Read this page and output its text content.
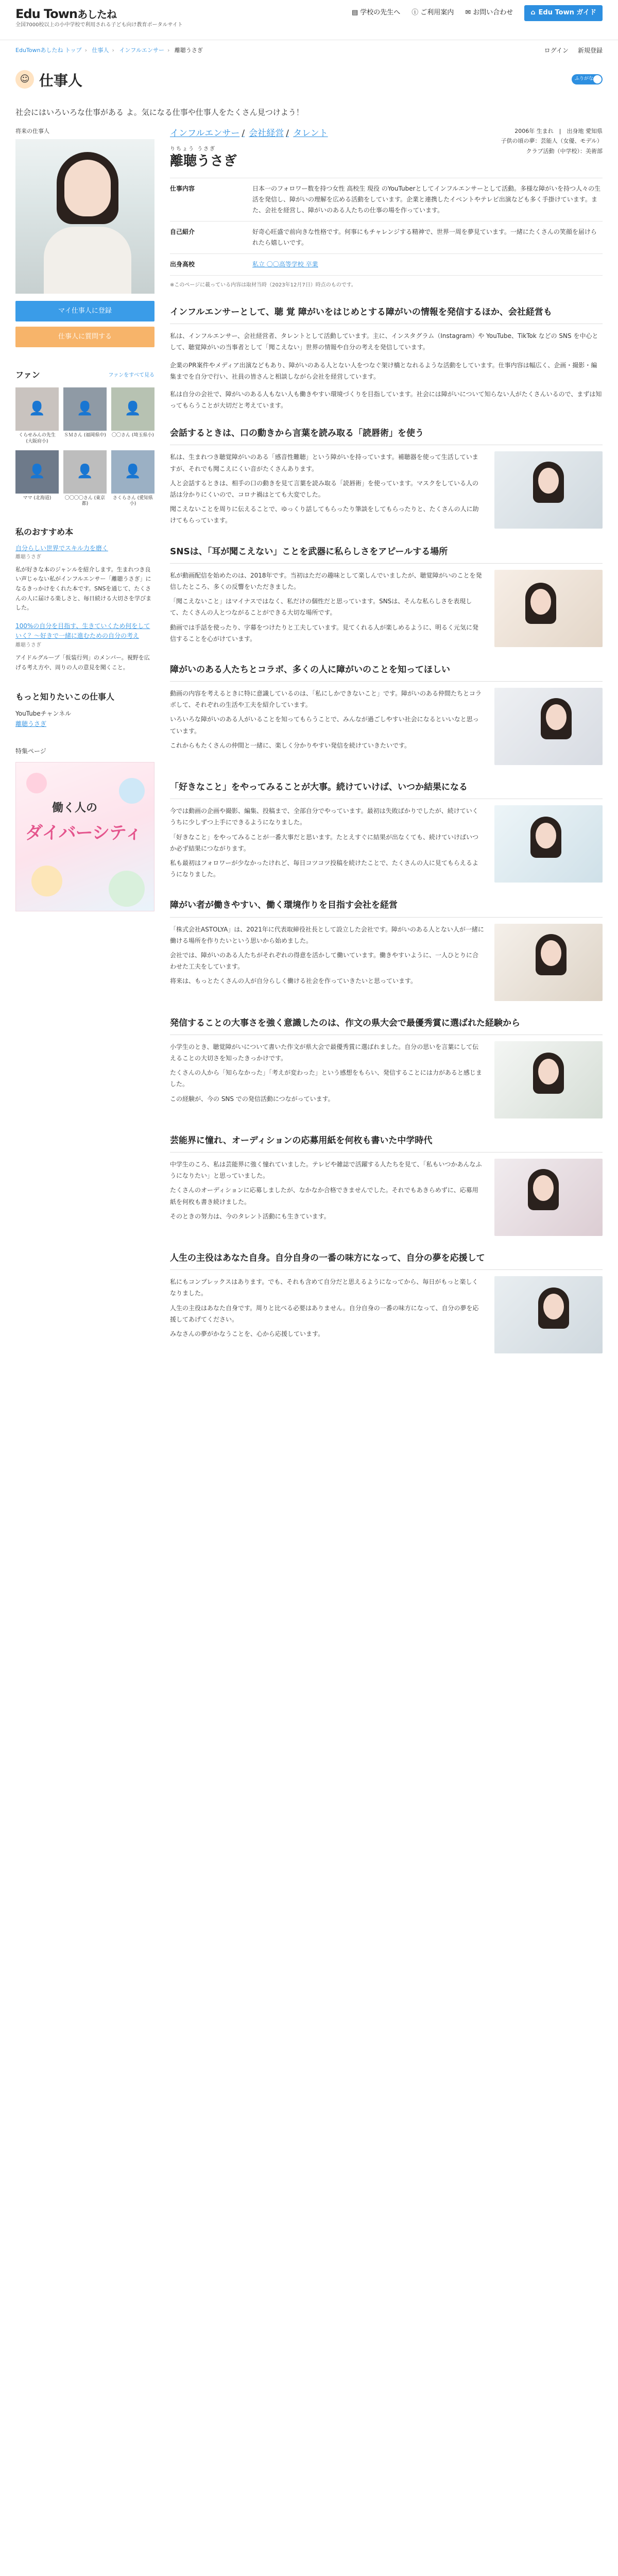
Edu Townあしたね
全国7000校以上の小中学校で利用される子ども向け教育ポータルサイト
▤ 学校の先生へ ⓘ ご利用案内 ✉ お問い合わせ	⌂ Edu Town ガイド
EduTownあしたね トップ › 仕事人 › インフルエンサー › 離聴うさぎ	ログイン 新規登録
☺ 仕事人	ふりがな
社会にはいろいろな仕事がある よ。気になる仕事や仕事人をたくさん見つけよう！
将来の仕事人
マイ仕事人に登録
仕事人に質問する
ファン	ファンをすべて見る
👤
くらせみんの先生 (大阪府小)
👤
ＳＭさん (福岡県中)
👤
〇〇さん (埼玉県小)
👤
ママ (北海道)
👤
〇〇〇〇さん (東京都)
👤
さくらさん (愛知県小)
私のおすすめ本
自分らしい世界でスキル力を磨く
離聴うさぎ

私が好きな本のジャンルを紹介します。生まれつき良い声じゃない私がインフルエンサー「離聴うさぎ」になるきっかけをくれた本です。SNSを通じて、たくさんの人に届ける楽しさと、毎日続ける大切さを学びました。

100%の自分を目指す、生きていくため何をしていく？～好きで一緒に進むための自分の考え
離聴うさぎ

アイドルグループ「仮装行列」のメンバー。視野を広げる考え方や、周りの人の意見を聞くこと。

もっと知りたいこの仕事人
YouTubeチャンネル
離聴うさぎ
特集ページ
働く人の
ダイバーシティ
インフルエンサー / 会社経営 / タレント	2006年 生まれ　|　出身地 愛知県
子供の頃の夢：芸能人（女優、モデル）
クラブ活動（中学校）：美術部
りちょう うさぎ
離聴うさぎ
仕事内容	日本一のフォロワー数を持つ女性 高校生 現役 のYouTuberとしてインフルエンサーとして活動。多様な障がいを持つ人々の生活を発信し、障がいの理解を広める活動をしています。企業と連携したイベントやテレビ出演なども多く手掛けています。また、会社を経営し、障がいのある人たちの仕事の場を作っています。
自己紹介	好奇心旺盛で前向きな性格です。何事にもチャレンジする精神で、世界一周を夢見ています。一緒にたくさんの笑顔を届けられたら嬉しいです。
出身高校	私立 〇〇高等学校 卒業
※このページに載っている内容は取材当時（2023年12月7日）時点のものです。
インフルエンサーとして、聴 覚 障がいをはじめとする障がいの情報を発信するほか、会社経営も

私は、インフルエンサー、会社経営者、タレントとして活動しています。主に、インスタグラム（Instagram）や YouTube、TikTok などの SNS を中心として、聴覚障がいの当事者として「聞こえない」世界の情報や自分の考えを発信しています。

企業のPR案件やメディア出演などもあり、障がいのある人とない人をつなぐ架け橋となれるような活動をしています。仕事内容は幅広く、企画・撮影・編集までを自分で行い、社員の皆さんと相談しながら会社を経営しています。

私は自分の会社で、障がいのある人もない人も働きやすい環境づくりを目指しています。社会には障がいについて知らない人がたくさんいるので、まずは知ってもらうことが大切だと考えています。

会話するときは、口の動きから言葉を読み取る「読唇術」を使う

私は、生まれつき聴覚障がいのある「感音性難聴」という障がいを持っています。補聴器を使って生活していますが、それでも聞こえにくい音がたくさんあります。

人と会話するときは、相手の口の動きを見て言葉を読み取る「読唇術」を使っています。マスクをしている人の話は分かりにくいので、コロナ禍はとても大変でした。

聞こえないことを周りに伝えることで、ゆっくり話してもらったり筆談をしてもらったりと、たくさんの人に助けてもらっています。

SNSは、「耳が聞こえない」ことを武器に私らしさをアピールする場所

私が動画配信を始めたのは、2018年です。当初はただの趣味として楽しんでいましたが、聴覚障がいのことを発信したところ、多くの反響をいただきました。

「聞こえないこと」はマイナスではなく、私だけの個性だと思っています。SNSは、そんな私らしさを表現して、たくさんの人とつながることができる大切な場所です。

動画では手話を使ったり、字幕をつけたりと工夫しています。見てくれる人が楽しめるように、明るく元気に発信することを心がけています。

障がいのある人たちとコラボ、多くの人に障がいのことを知ってほしい

動画の内容を考えるときに特に意識しているのは、「私にしかできないこと」です。障がいのある仲間たちとコラボして、それぞれの生活や工夫を紹介しています。

いろいろな障がいのある人がいることを知ってもらうことで、みんなが過ごしやすい社会になるといいなと思っています。

これからもたくさんの仲間と一緒に、楽しく分かりやすい発信を続けていきたいです。

「好きなこと」をやってみることが大事。続けていけば、いつか結果になる

今では動画の企画や撮影、編集、投稿まで、全部自分でやっています。最初は失敗ばかりでしたが、続けていくうちに少しずつ上手にできるようになりました。

「好きなこと」をやってみることが一番大事だと思います。たとえすぐに結果が出なくても、続けていけばいつか必ず結果につながります。

私も最初はフォロワーが少なかったけれど、毎日コツコツ投稿を続けたことで、たくさんの人に見てもらえるようになりました。

障がい者が働きやすい、働く環境作りを目指す会社を経営

「株式会社ASTOLYA」は、2021年に代表取締役社長として設立した会社です。障がいのある人とない人が一緒に働ける場所を作りたいという思いから始めました。

会社では、障がいのある人たちがそれぞれの得意を活かして働いています。働きやすいように、一人ひとりに合わせた工夫をしています。

将来は、もっとたくさんの人が自分らしく働ける社会を作っていきたいと思っています。

発信することの大事さを強く意識したのは、作文の県大会で最優秀賞に選ばれた経験から

小学生のとき、聴覚障がいについて書いた作文が県大会で最優秀賞に選ばれました。自分の思いを言葉にして伝えることの大切さを知ったきっかけです。

たくさんの人から「知らなかった」「考えが変わった」という感想をもらい、発信することには力があると感じました。

この経験が、今の SNS での発信活動につながっています。

芸能界に憧れ、オーディションの応募用紙を何枚も書いた中学時代

中学生のころ、私は芸能界に強く憧れていました。テレビや雑誌で活躍する人たちを見て、「私もいつかあんなふうになりたい」と思っていました。

たくさんのオーディションに応募しましたが、なかなか合格できませんでした。それでもあきらめずに、応募用紙を何枚も書き続けました。

そのときの努力は、今のタレント活動にも生きています。

人生の主役はあなた自身。自分自身の一番の味方になって、自分の夢を応援して

私にもコンプレックスはあります。でも、それも含めて自分だと思えるようになってから、毎日がもっと楽しくなりました。

人生の主役はあなた自身です。周りと比べる必要はありません。自分自身の一番の味方になって、自分の夢を応援してあげてください。

みなさんの夢がかなうことを、心から応援しています。
